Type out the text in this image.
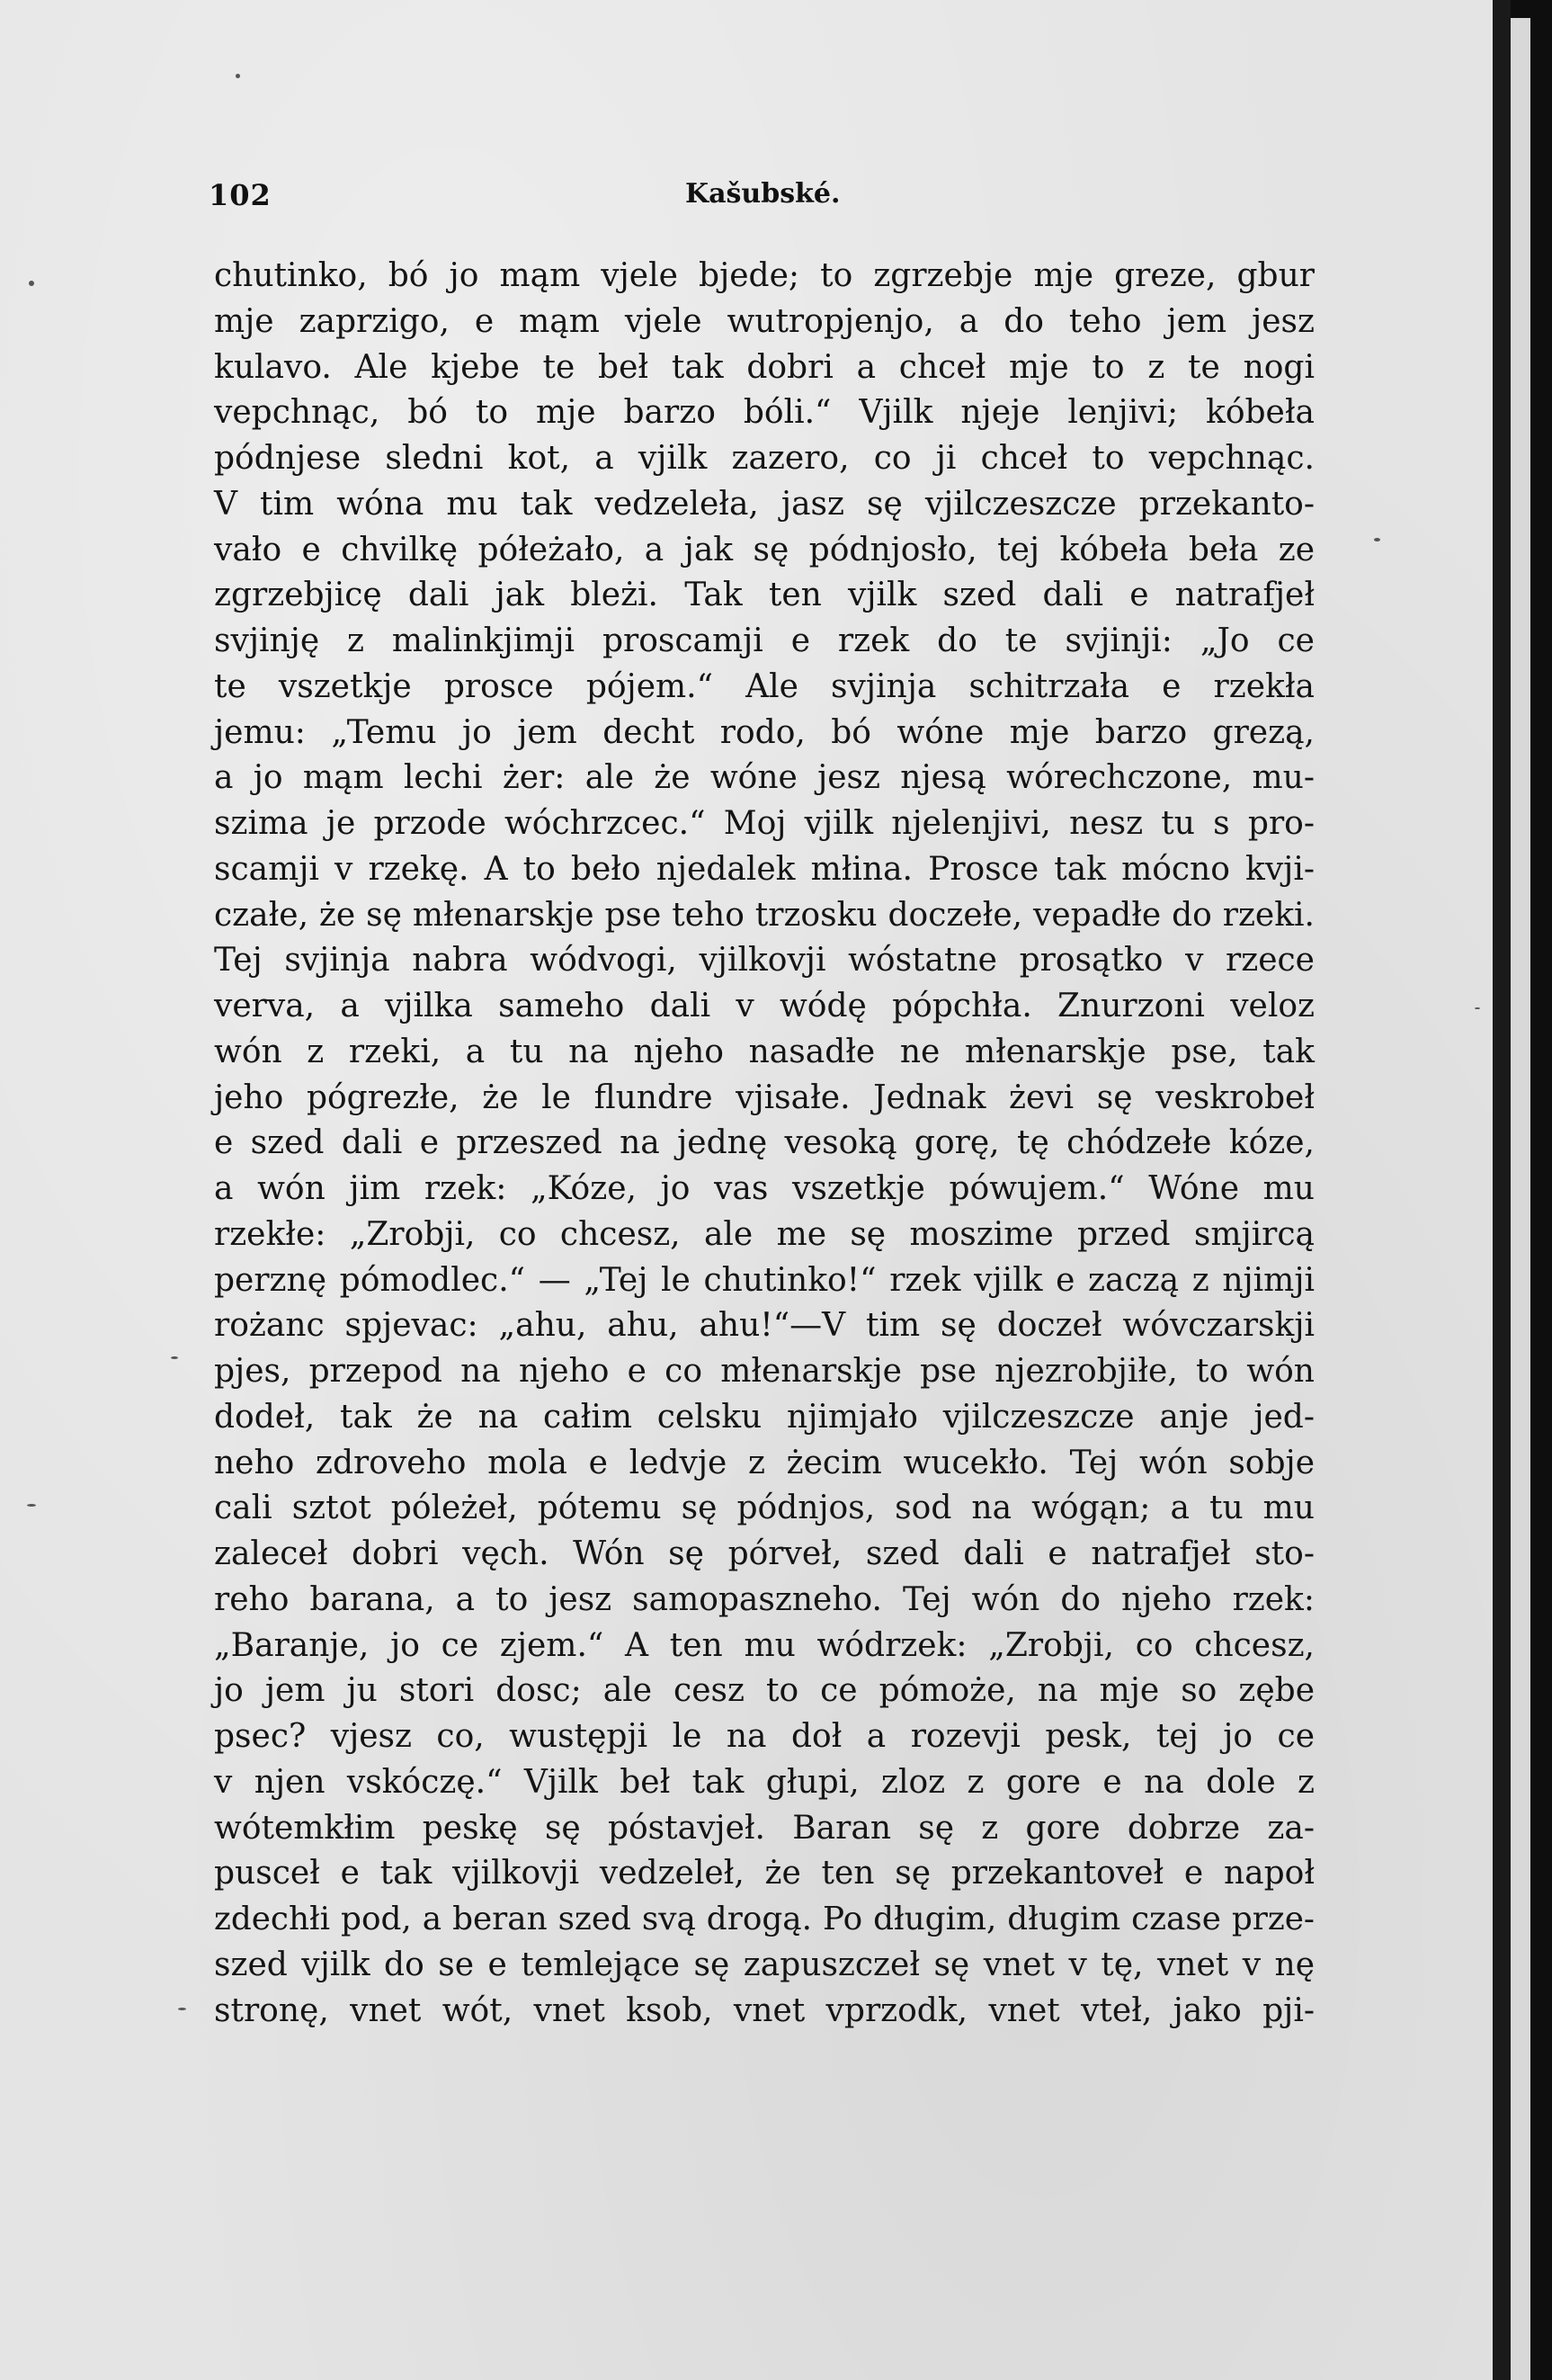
102	Kašubské.
chutinko, bó jo mąm vjele bjede; to zgrzebje mje greze, gbur
mje zaprzigo, e mąm vjele wutropjenjo, a do teho jem jesz
kulavo. Ale kjebe te beł tak dobri a chceł mje to z te nogi
vepchnąc, bó to mje barzo bóli.“ Vjilk njeje lenjivi; kóbeła
pódnjese sledni kot, a vjilk zazero, co ji chceł to vepchnąc.
V tim wóna mu tak vedzeleła, jasz sę vjilczeszcze przekanto-
vało e chvilkę półeżało, a jak sę pódnjosło, tej kóbeła beła ze
zgrzebjicę dali jak bleżi. Tak ten vjilk szed dali e natrafjeł
svjinję z malinkjimji proscamji e rzek do te svjinji: „Jo ce
te vszetkje prosce pójem.“ Ale svjinja schitrzała e rzekła
jemu: „Temu jo jem decht rodo, bó wóne mje barzo grezą,
a jo mąm lechi żer: ale że wóne jesz njesą wórechczone, mu-
szima je przode wóchrzcec.“ Moj vjilk njelenjivi, nesz tu s pro-
scamji v rzekę. A to beło njedalek młina. Prosce tak mócno kvji-
czałe, że sę młenarskje pse teho trzosku doczełe, vepadłe do rzeki.
Tej svjinja nabra wódvogi, vjilkovji wóstatne prosątko v rzece
verva, a vjilka sameho dali v wódę pópchła. Znurzoni veloz
wón z rzeki, a tu na njeho nasadłe ne młenarskje pse, tak
jeho pógrezłe, że le flundre vjisałe. Jednak żevi sę veskrobeł
e szed dali e przeszed na jednę vesoką gorę, tę chódzełe kóze,
a wón jim rzek: „Kóze, jo vas vszetkje pówujem.“ Wóne mu
rzekłe: „Zrobji, co chcesz, ale me sę moszime przed smjircą
perznę pómodlec.“ — „Tej le chutinko!“ rzek vjilk e zaczą z njimji
rożanc spjevac: „ahu, ahu, ahu!“—V tim sę doczeł wóvczarskji
pjes, przepod na njeho e co młenarskje pse njezrobjiłe, to wón
dodeł, tak że na całim celsku njimjało vjilczeszcze anje jed-
neho zdroveho mola e ledvje z żecim wucekło. Tej wón sobje
cali sztot póleżeł, pótemu sę pódnjos, sod na wógąn; a tu mu
zaleceł dobri vęch. Wón sę pórveł, szed dali e natrafjeł sto-
reho barana, a to jesz samopaszneho. Tej wón do njeho rzek:
„Baranje, jo ce zjem.“ A ten mu wódrzek: „Zrobji, co chcesz,
jo jem ju stori dosc; ale cesz to ce pómoże, na mje so zębe
psec? vjesz co, wustępji le na doł a rozevji pesk, tej jo ce
v njen vskóczę.“ Vjilk beł tak głupi, zloz z gore e na dole z
wótemkłim peskę sę póstavjeł. Baran sę z gore dobrze za-
pusceł e tak vjilkovji vedzeleł, że ten sę przekantoveł e napoł
zdechłi pod, a beran szed svą drogą. Po długim, długim czase prze-
szed vjilk do se e temlejące sę zapuszczeł sę vnet v tę, vnet v nę
stronę, vnet wót, vnet ksob, vnet vprzodk, vnet vteł, jako pji-
